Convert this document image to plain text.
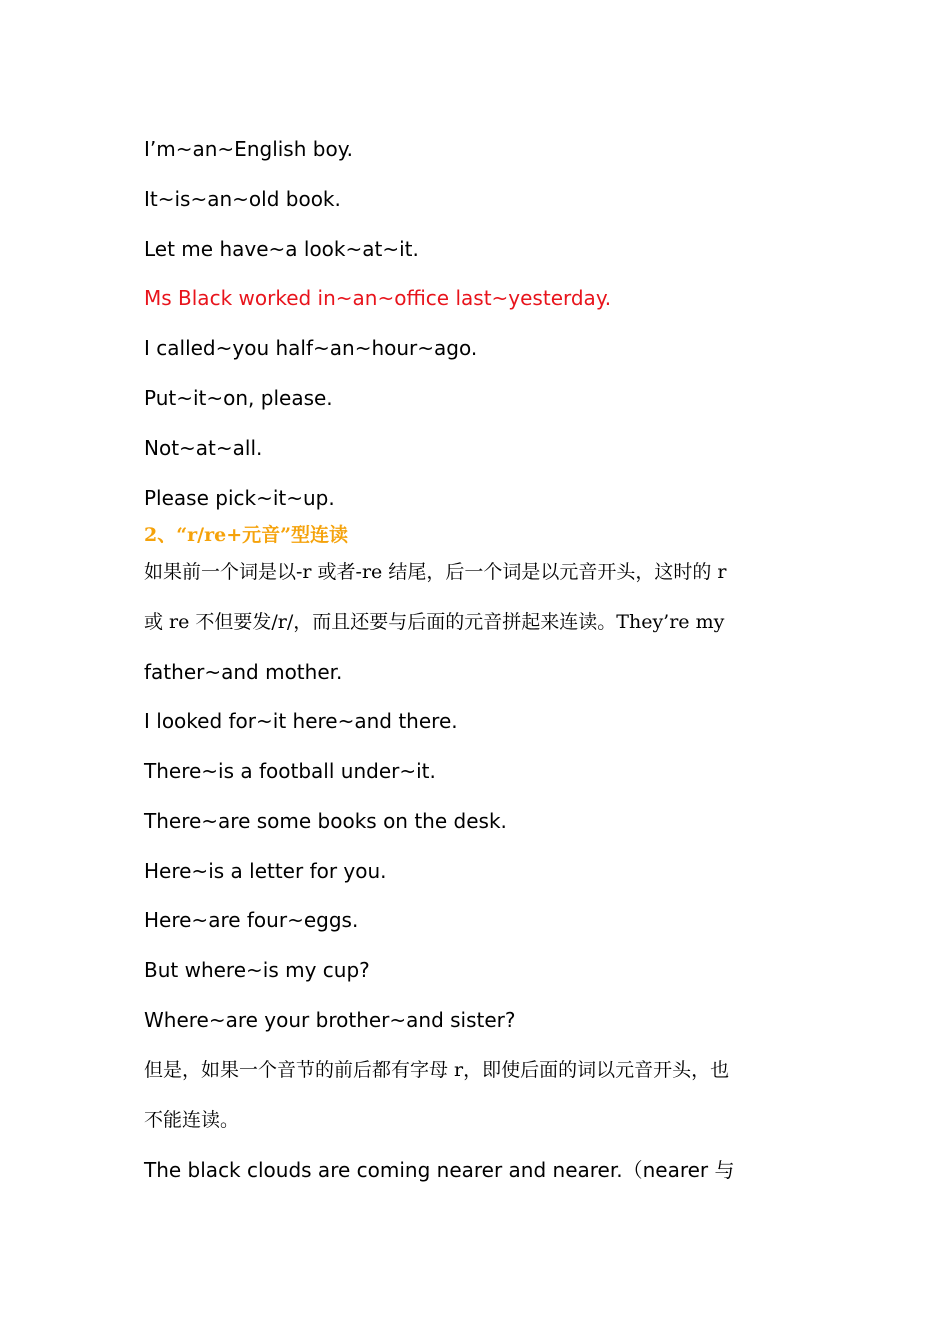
I’m~an~English boy.
It~is~an~old book.
Let me have~a look~at~it.
Ms Black worked in~an~office last~yesterday.
I called~you half~an~hour~ago.
Put~it~on, please.
Not~at~all.
Please pick~it~up.
2、“r/re+元音”型连读
如果前一个词是以-r 或者-re 结尾，后一个词是以元音开头，这时的 r
或 re 不但要发/r/，而且还要与后面的元音拼起来连读。They’re my
father~and mother.
I looked for~it here~and there.
There~is a football under~it.
There~are some books on the desk.
Here~is a letter for you.
Here~are four~eggs.
But where~is my cup?
Where~are your brother~and sister?
但是，如果一个音节的前后都有字母 r，即使后面的词以元音开头，也
不能连读。
The black clouds are coming nearer and nearer.（nearer 与
